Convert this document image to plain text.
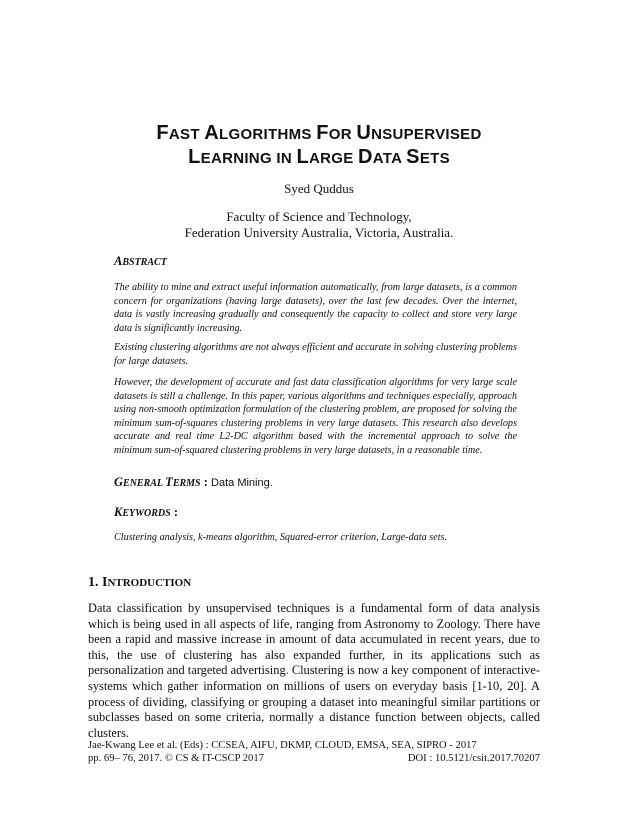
FAST ALGORITHMS FOR UNSUPERVISED
LEARNING IN LARGE DATA SETS
Syed Quddus
Faculty of Science and Technology,
Federation University Australia, Victoria, Australia.
ABSTRACT

The ability to mine and extract useful information automatically, from large datasets, is a common concern for organizations (having large datasets), over the last few decades. Over the internet, data is vastly increasing gradually and consequently the capacity to collect and store very large data is significantly increasing.

Existing clustering algorithms are not always efficient and accurate in solving clustering problems for large datasets.

However, the development of accurate and fast data classification algorithms for very large scale datasets is still a challenge. In this paper, various algorithms and techniques especially, approach using non-smooth optimization formulation of the clustering problem, are proposed for solving the minimum sum-of-squares clustering problems in very large datasets. This research also develops accurate and real time L2-DC algorithm based with the incremental approach to solve the minimum sum-of-squared clustering problems in very large datasets, in a reasonable time.

GENERAL TERMS : Data Mining.
KEYWORDS :
Clustering analysis, k-means algorithm, Squared-error criterion, Large-data sets.
1. INTRODUCTION

Data classification by unsupervised techniques is a fundamental form of data analysis which is being used in all aspects of life, ranging from Astronomy to Zoology. There have been a rapid and massive increase in amount of data accumulated in recent years, due to this, the use of clustering has also expanded further, in its applications such as personalization and targeted advertising. Clustering is now a key component of interactive- systems which gather information on millions of users on everyday basis [1-10, 20]. A process of dividing, classifying or grouping a dataset into meaningful similar partitions or subclasses based on some criteria, normally a distance function between objects, called clusters.

Jae-Kwang Lee et al. (Eds) : CCSEA, AIFU, DKMP, CLOUD, EMSA, SEA, SIPRO - 2017
pp. 69– 76, 2017. © CS & IT-CSCP 2017	DOI : 10.5121/csit.2017.70207
